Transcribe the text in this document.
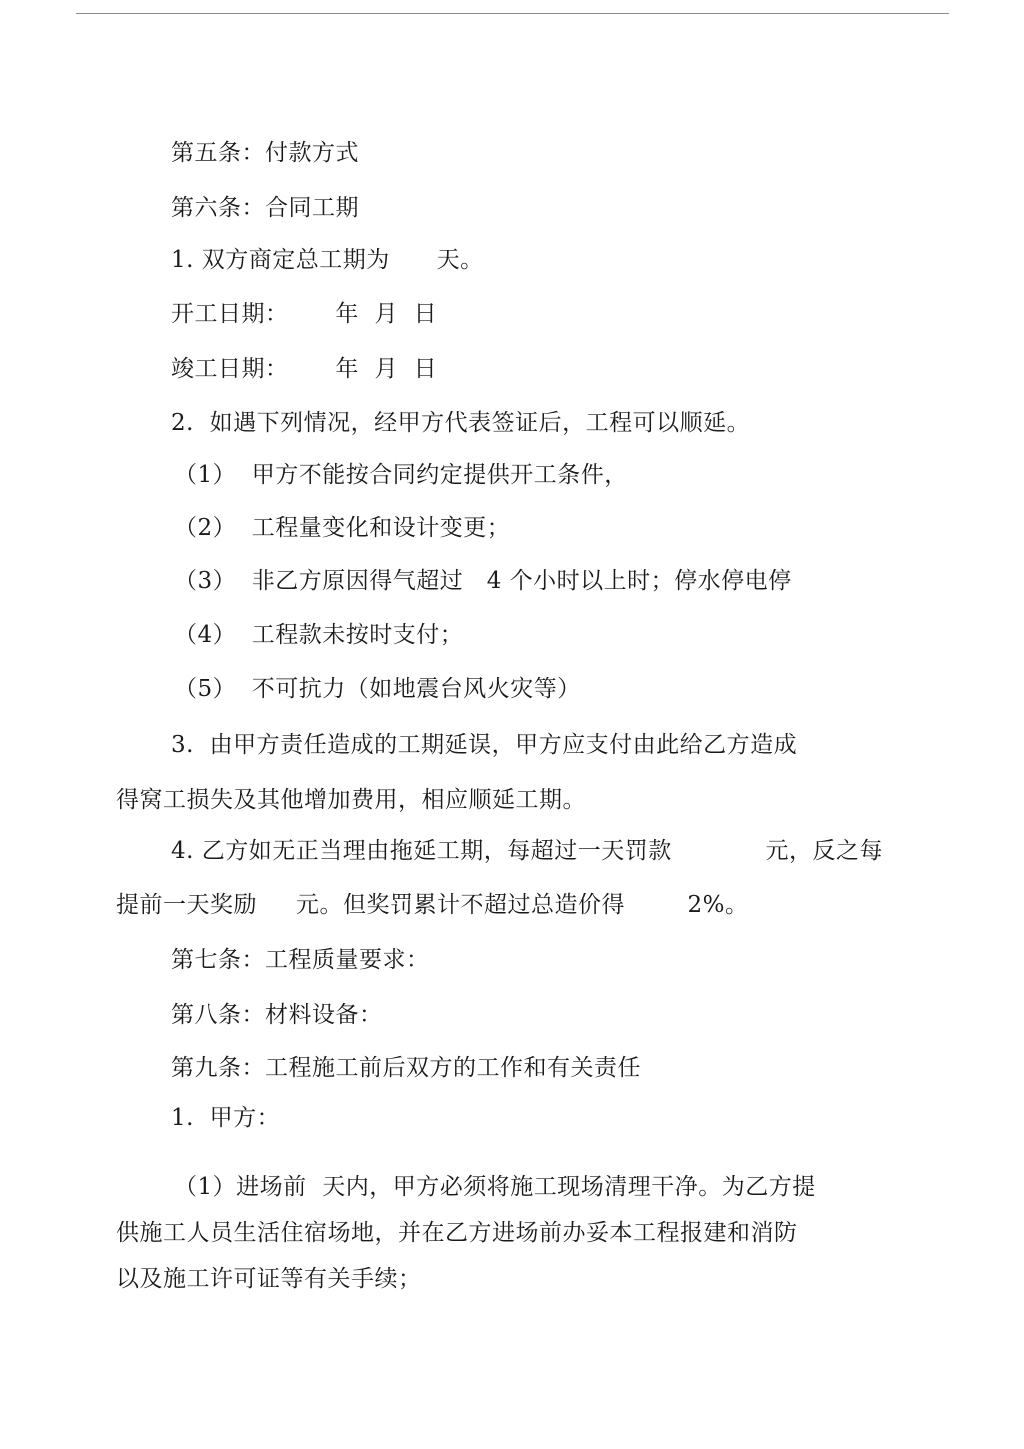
第五条：付款方式
第六条：合同工期
1. 双方商定总工期为      天。
开工日期：      年  月  日
竣工日期：      年  月  日
2.  如遇下列情况，经甲方代表签证后，工程可以顺延。
（1）  甲方不能按合同约定提供开工条件，
（2）  工程量变化和设计变更；
（3）  非乙方原因得气超过   4 个小时以上时；停水停电停
（4）  工程款未按时支付；
（5）  不可抗力（如地震台风火灾等）
3.  由甲方责任造成的工期延误，甲方应支付由此给乙方造成
得窝工损失及其他增加费用，相应顺延工期。
4. 乙方如无正当理由拖延工期，每超过一天罚款            元，反之每
提前一天奖励     元。但奖罚累计不超过总造价得        2%。
第七条：工程质量要求：
第八条：材料设备：
第九条：工程施工前后双方的工作和有关责任
1.  甲方：
（1）进场前  天内，甲方必须将施工现场清理干净。为乙方提
供施工人员生活住宿场地，并在乙方进场前办妥本工程报建和消防
以及施工许可证等有关手续；
